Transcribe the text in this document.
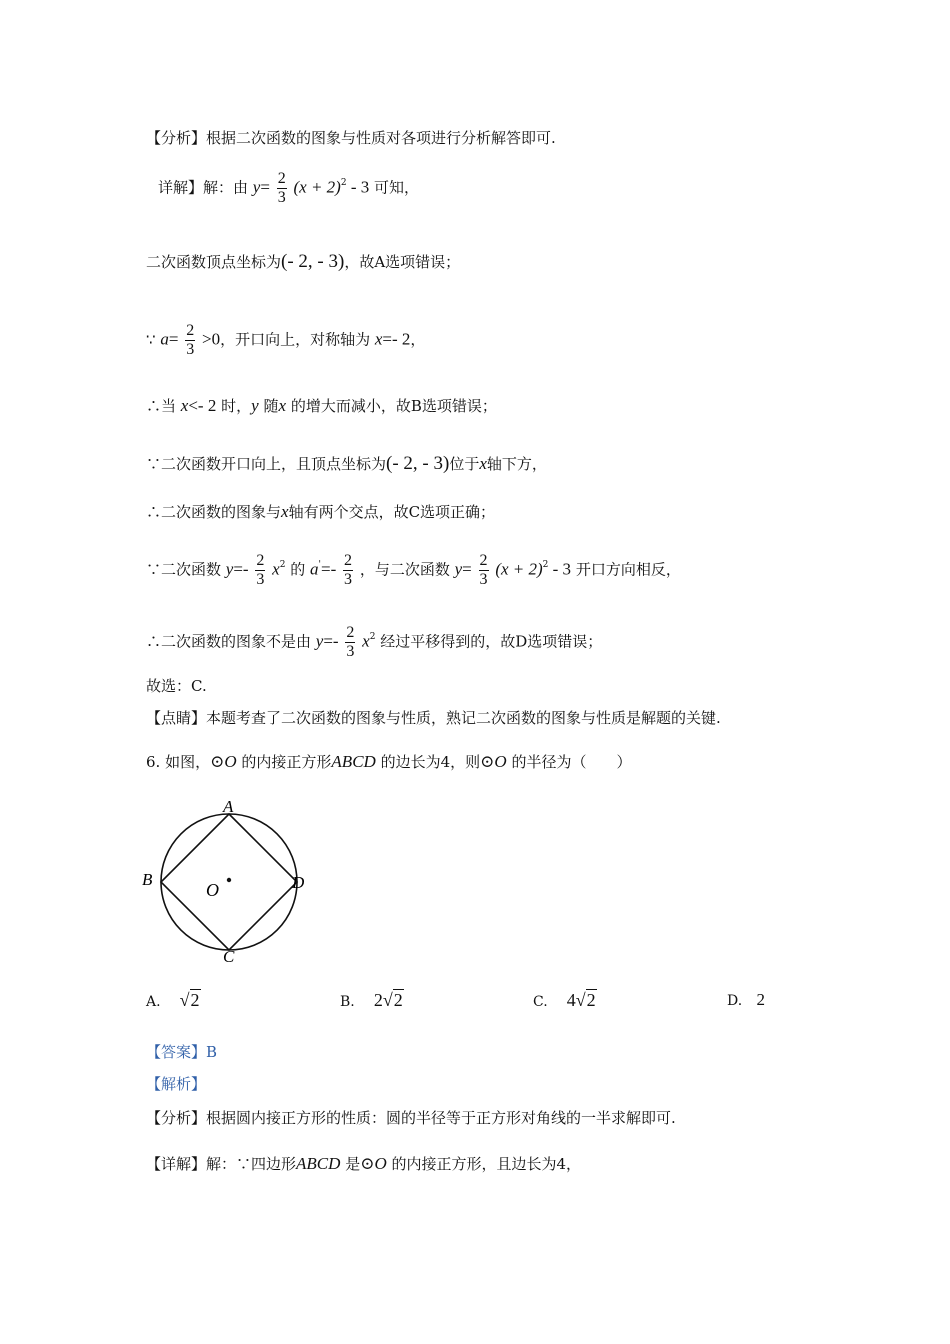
【分析】根据二次函数的图象与性质对各项进行分析解答即可.
详解】解：由 $y= \frac{2}{3} (x + 2)^2 - 3$ 可知，
二次函数顶点坐标为(- 2, - 3)，故A选项错误；
∵ $a= \frac{2}{3} >0$，开口向上，对称轴为 x=- 2，
∴当 x<- 2 时，y 随x 的增大而减小，故B选项错误；
∵二次函数开口向上，且顶点坐标为(- 2, - 3)位于x轴下方，
∴二次函数的图象与x轴有两个交点，故C选项正确；
∵二次函数 $y=- \frac{2}{3} x^2$ 的 $a'=- \frac{2}{3}$ ，与二次函数 $y= \frac{2}{3} (x + 2)^2 - 3$ 开口方向相反，
∴二次函数的图象不是由 $y=- \frac{2}{3} x^2$ 经过平移得到的，故D选项错误；
故选：C.
【点睛】本题考查了二次函数的图象与性质，熟记二次函数的图象与性质是解题的关键.
6. 如图，⊙O 的内接正方形ABCD 的边长为4，则⊙O 的半径为（　　）
A
B
C
D
O
A. √2	B. 2√2	C. 4√2	D. 2
【答案】B
【解析】
【分析】根据圆内接正方形的性质：圆的半径等于正方形对角线的一半求解即可.
【详解】解：∵四边形ABCD 是⊙O 的内接正方形，且边长为4，
